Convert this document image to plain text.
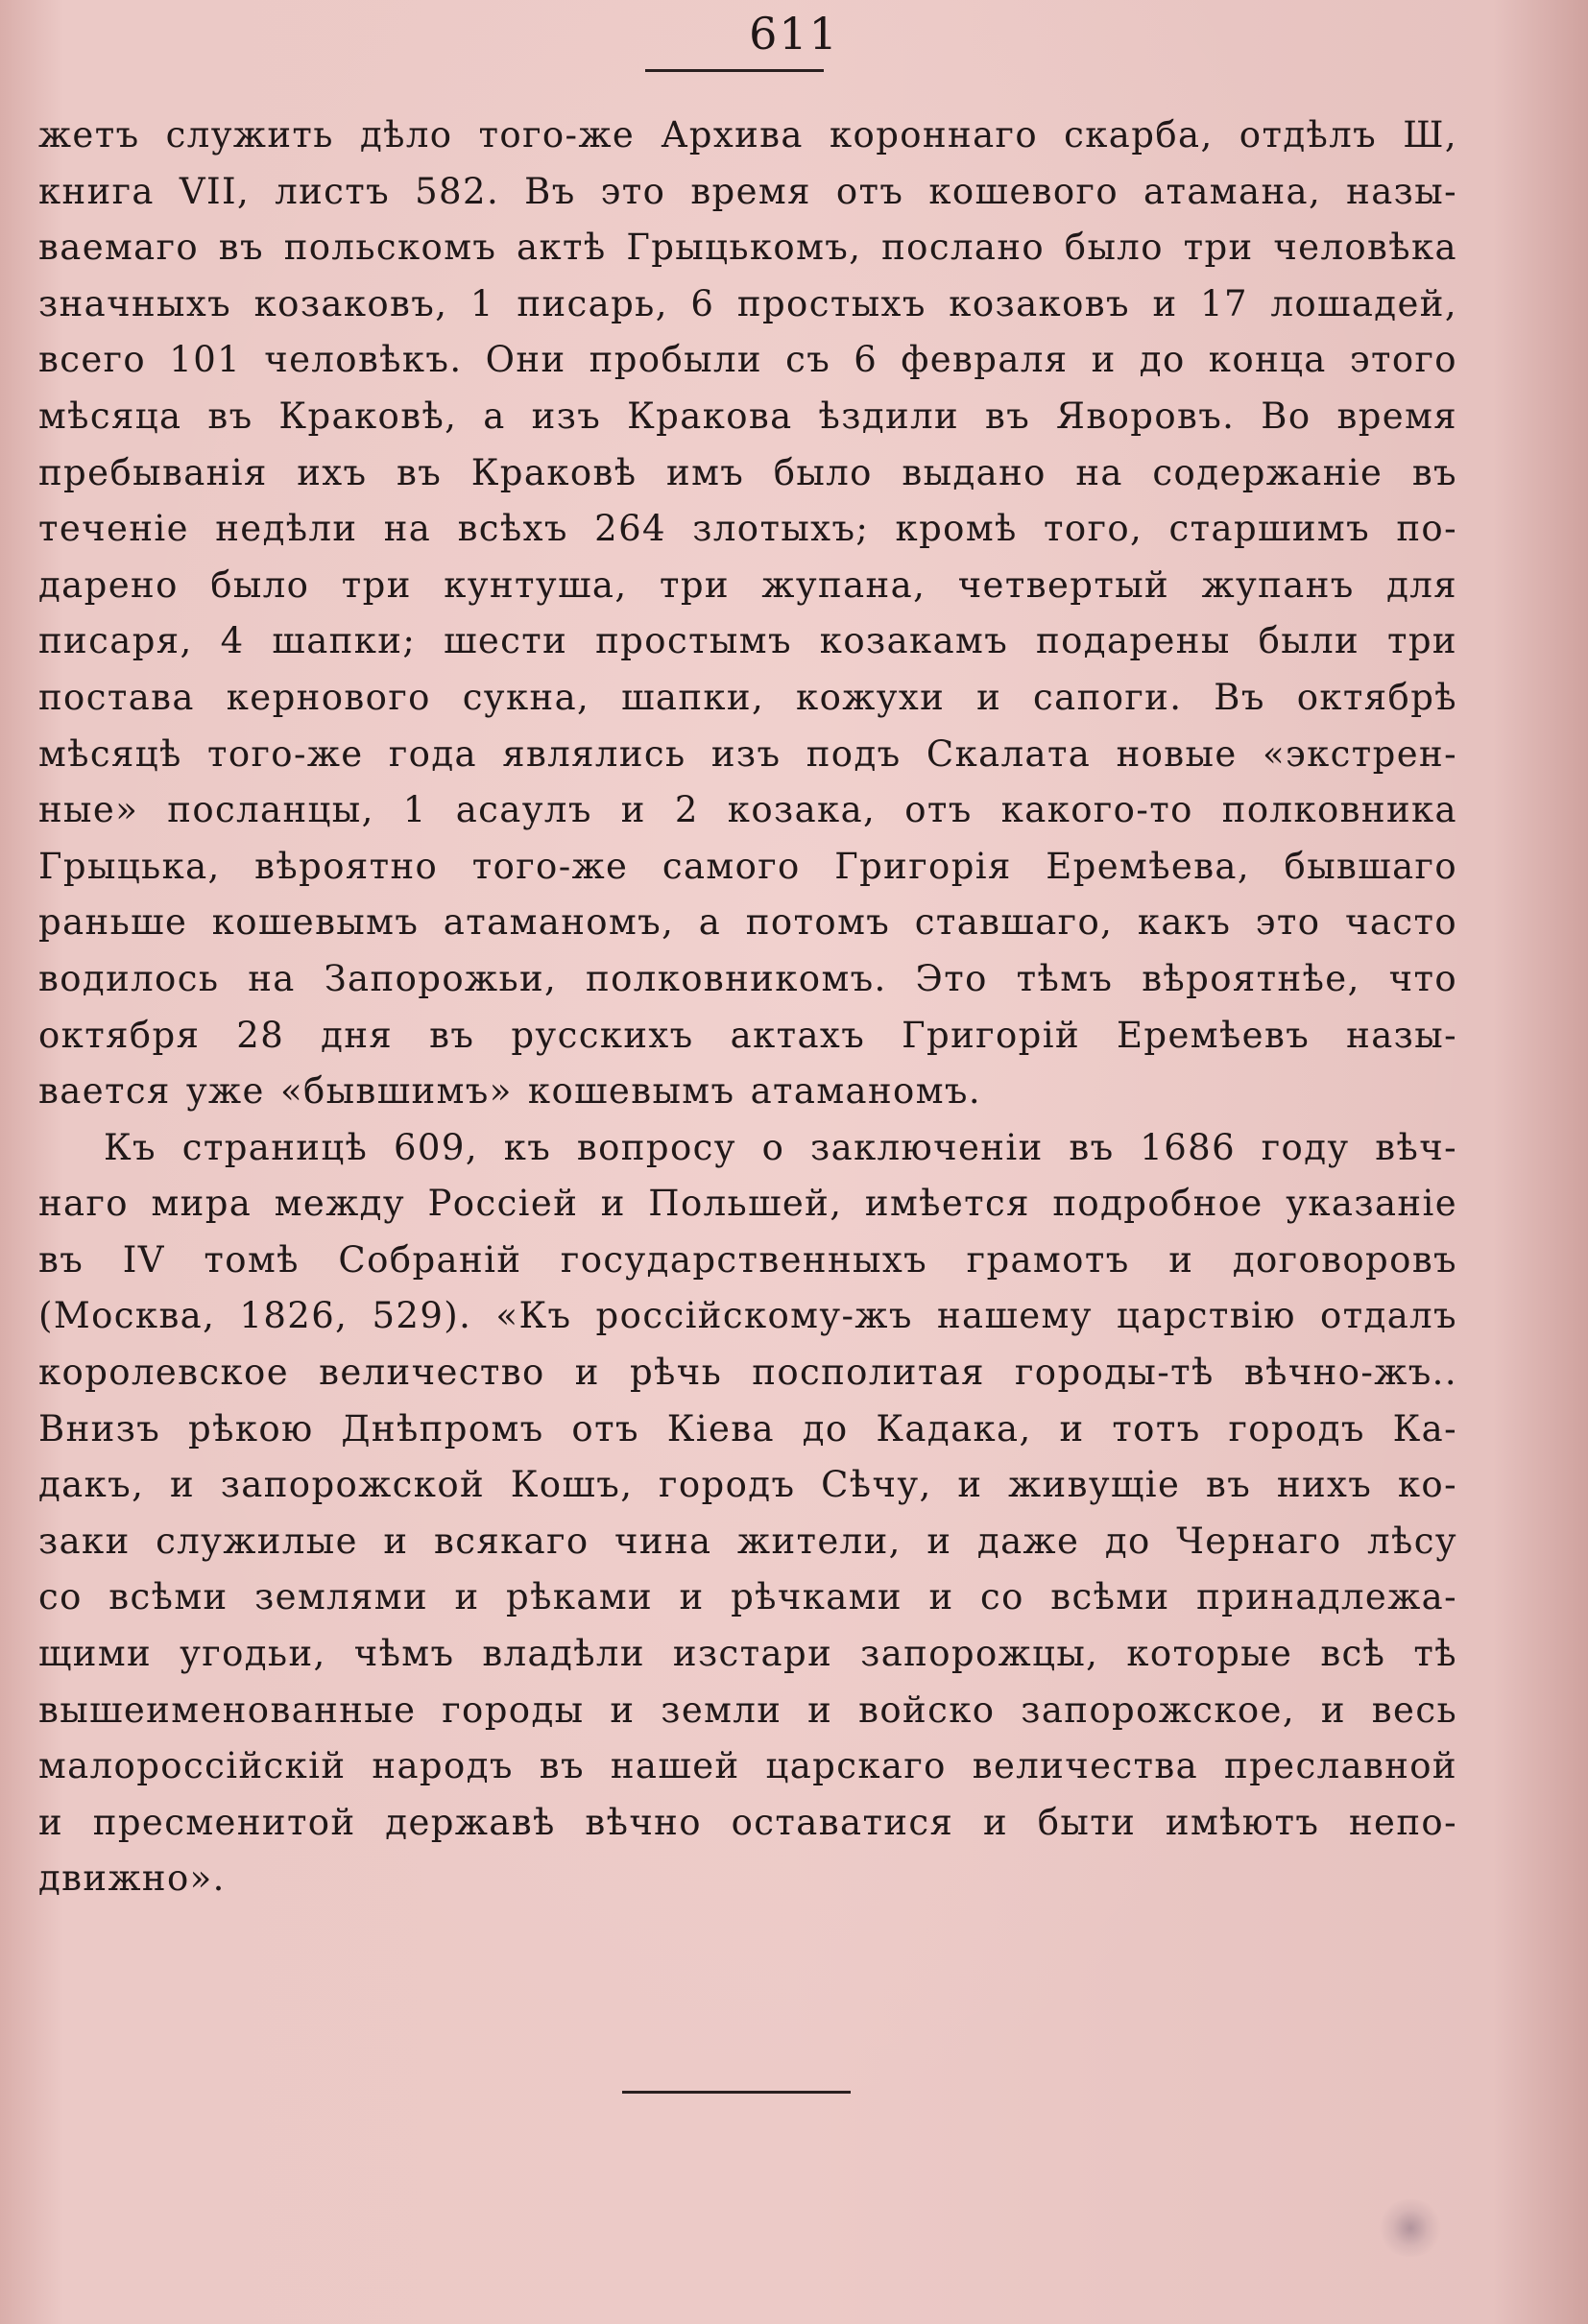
611
жетъ служить дѣло того-же Архива короннаго скарба, отдѣлъ Ш,
книга VII, листъ 582. Въ это время отъ кошевого атамана, назы-
ваемаго въ польскомъ актѣ Грыцькомъ, послано было три человѣка
значныхъ козаковъ, 1 писарь, 6 простыхъ козаковъ и 17 лошадей,
всего 101 человѣкъ. Они пробыли съ 6 февраля и до конца этого
мѣсяца въ Краковѣ, а изъ Кракова ѣздили въ Яворовъ. Во время
пребыванія ихъ въ Краковѣ имъ было выдано на содержаніе въ
теченіе недѣли на всѣхъ 264 злотыхъ; кромѣ того, старшимъ по-
дарено было три кунтуша, три жупана, четвертый жупанъ для
писаря, 4 шапки; шести простымъ козакамъ подарены были три
постава кернового сукна, шапки, кожухи и сапоги. Въ октябрѣ
мѣсяцѣ того-же года являлись изъ подъ Скалата новые «экстрен-
ные» посланцы, 1 асаулъ и 2 козака, отъ какого-то полковника
Грыцька, вѣроятно того-же самого Григорія Еремѣева, бывшаго
раньше кошевымъ атаманомъ, а потомъ ставшаго, какъ это часто
водилось на Запорожьи, полковникомъ. Это тѣмъ вѣроятнѣе, что
октября 28 дня въ русскихъ актахъ Григорій Еремѣевъ назы-
вается уже «бывшимъ» кошевымъ атаманомъ.
Къ страницѣ 609, къ вопросу о заключеніи въ 1686 году вѣч-
наго мира между Россіей и Польшей, имѣется подробное указаніе
въ IV томѣ Собраній государственныхъ грамотъ и договоровъ
(Москва, 1826, 529). «Къ россійскому-жъ нашему царствію отдалъ
королевское величество и рѣчь посполитая городы-тѣ вѣчно-жъ..
Внизъ рѣкою Днѣпромъ отъ Кіева до Кадака, и тотъ городъ Ка-
дакъ, и запорожской Кошъ, городъ Сѣчу, и живущіе въ нихъ ко-
заки служилые и всякаго чина жители, и даже до Чернаго лѣсу
со всѣми землями и рѣками и рѣчками и со всѣми принадлежа-
щими угодьи, чѣмъ владѣли изстари запорожцы, которые всѣ тѣ
вышеименованные городы и земли и войско запорожское, и весь
малороссійскій народъ въ нашей царскаго величества преславной
и пресменитой державѣ вѣчно оставатися и быти имѣютъ непо-
движно».
